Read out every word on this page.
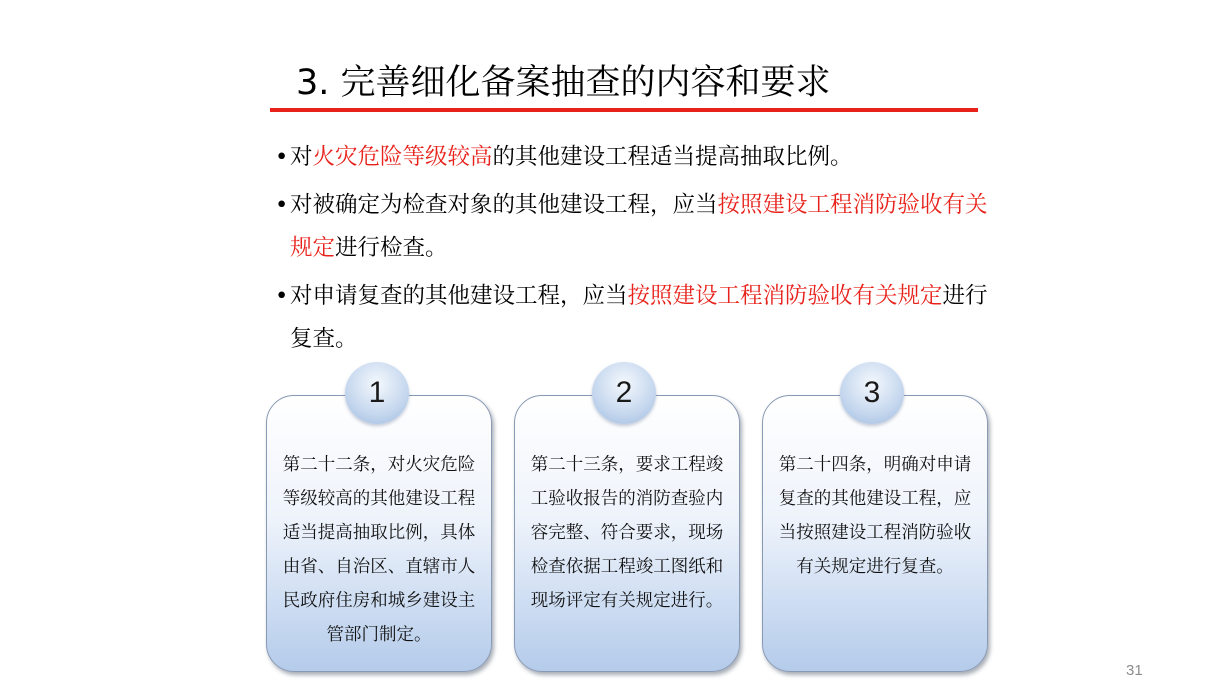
3. 完善细化备案抽查的内容和要求
• 对火灾危险等级较高的其他建设工程适当提高抽取比例。
• 对被确定为检查对象的其他建设工程，应当按照建设工程消防验收有关规定进行检查。
• 对申请复查的其他建设工程，应当按照建设工程消防验收有关规定进行复查。
第二十二条，对火灾危险等级较高的其他建设工程适当提高抽取比例，具体由省、自治区、直辖市人民政府住房和城乡建设主管部门制定。
1
第二十三条，要求工程竣工验收报告的消防查验内容完整、符合要求，现场检查依据工程竣工图纸和现场评定有关规定进行。
2
第二十四条，明确对申请复查的其他建设工程，应当按照建设工程消防验收有关规定进行复查。
3
31
